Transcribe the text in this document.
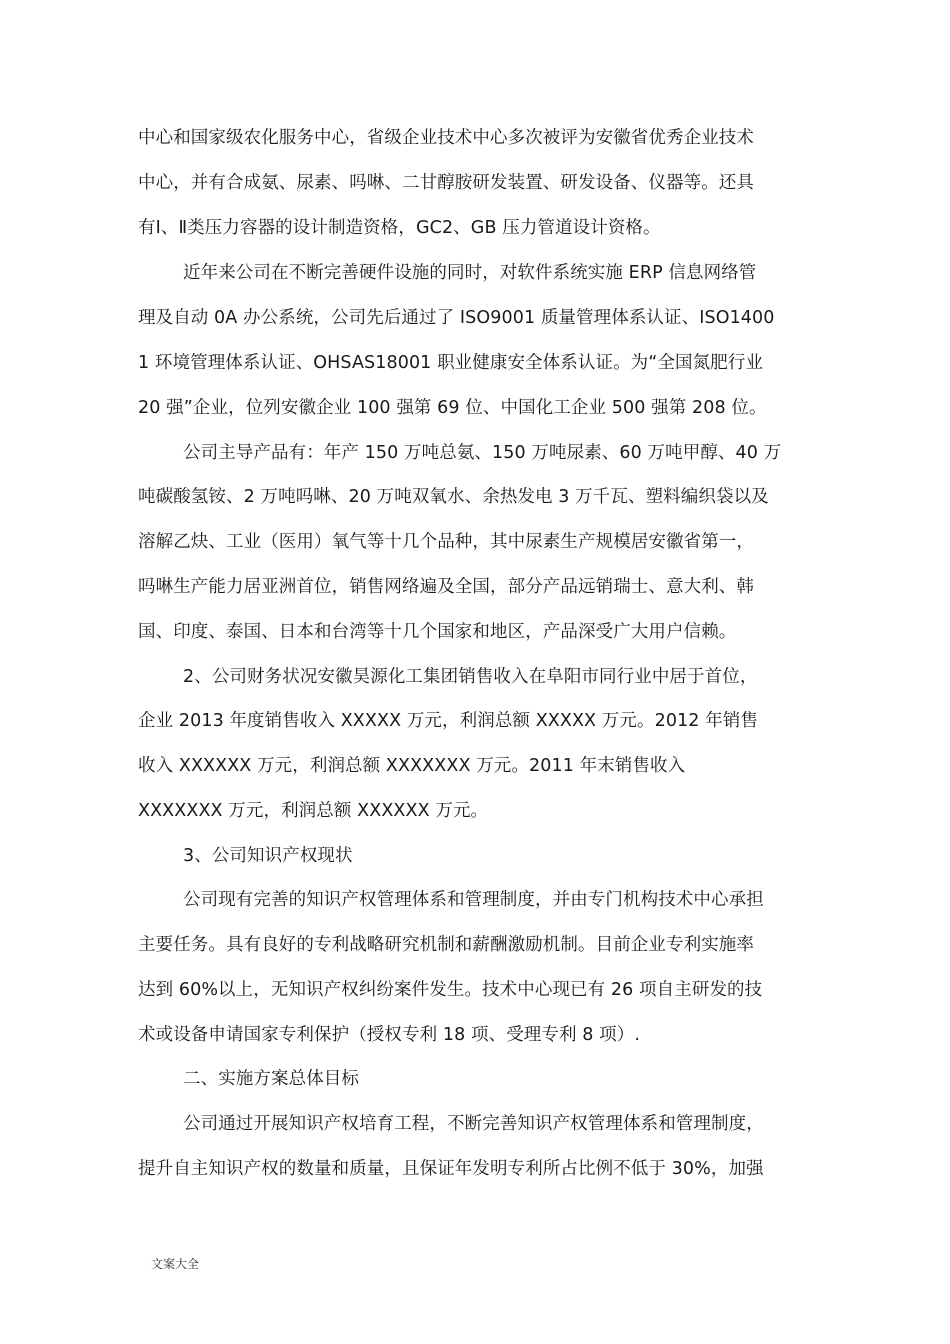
中心和国家级农化服务中心，省级企业技术中心多次被评为安徽省优秀企业技术
中心，并有合成氨、尿素、吗啉、二甘醇胺研发装置、研发设备、仪器等。还具
有Ⅰ、Ⅱ类压力容器的设计制造资格，GC2、GB 压力管道设计资格。
近年来公司在不断完善硬件设施的同时，对软件系统实施 ERP 信息网络管
理及自动 0A 办公系统，公司先后通过了 ISO9001 质量管理体系认证、ISO1400
1 环境管理体系认证、OHSAS18001 职业健康安全体系认证。为“全国氮肥行业
20 强”企业，位列安徽企业 100 强第 69 位、中国化工企业 500 强第 208 位。
公司主导产品有：年产 150 万吨总氨、150 万吨尿素、60 万吨甲醇、40 万
吨碳酸氢铵、2 万吨吗啉、20 万吨双氧水、余热发电 3 万千瓦、塑料编织袋以及
溶解乙炔、工业（医用）氧气等十几个品种，其中尿素生产规模居安徽省第一，
吗啉生产能力居亚洲首位，销售网络遍及全国，部分产品远销瑞士、意大利、韩
国、印度、泰国、日本和台湾等十几个国家和地区，产品深受广大用户信赖。
2、公司财务状况安徽昊源化工集团销售收入在阜阳市同行业中居于首位，
企业 2013 年度销售收入 XXXXX 万元，利润总额 XXXXX 万元。2012 年销售
收入 XXXXXX 万元，利润总额 XXXXXXX 万元。2011 年末销售收入
XXXXXXX 万元，利润总额 XXXXXX 万元。
3、公司知识产权现状
公司现有完善的知识产权管理体系和管理制度，并由专门机构技术中心承担
主要任务。具有良好的专利战略研究机制和薪酬激励机制。目前企业专利实施率
达到 60%以上，无知识产权纠纷案件发生。技术中心现已有 26 项自主研发的技
术或设备申请国家专利保护（授权专利 18 项、受理专利 8 项）.
二、实施方案总体目标
公司通过开展知识产权培育工程，不断完善知识产权管理体系和管理制度，
提升自主知识产权的数量和质量，且保证年发明专利所占比例不低于 30%，加强
文案大全
